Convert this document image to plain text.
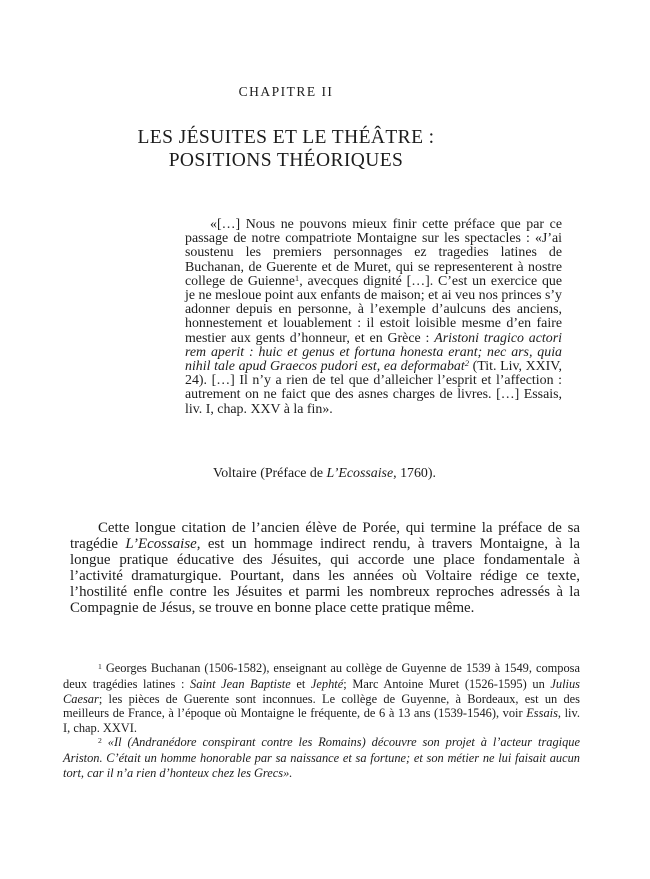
CHAPITRE II
LES JÉSUITES ET LE THÉÂTRE :
POSITIONS THÉORIQUES
«[…] Nous ne pouvons mieux finir cette préface que par ce passage de notre compatriote Montaigne sur les spectacles : «J’ai soustenu les premiers personnages ez tragedies latines de Buchanan, de Guerente et de Muret, qui se representerent à nostre college de Guienne$^1$, avecques dignité […]. C’est un exercice que je ne mesloue point aux enfants de maison; et ai veu nos princes s’y adonner depuis en personne, à l’exemple d’aulcuns des anciens, honnestement et louablement : il estoit loisible mesme d’en faire mestier aux gents d’honneur, et en Grèce : Aristoni tragico actori rem aperit : huic et genus et fortuna honesta erant; nec ars, quia nihil tale apud Graecos pudori est, ea deformabat$^2$ (Tit. Liv, XXIV, 24). […] Il n’y a rien de tel que d’alleicher l’esprit et l’affection : autrement on ne faict que des asnes charges de livres. […] Essais, liv. I, chap. XXV à la fin».
Voltaire (Préface de L’Ecossaise, 1760).

Cette longue citation de l’ancien élève de Porée, qui termine la préface de sa tragédie L’Ecossaise, est un hommage indirect rendu, à travers Montaigne, à la longue pratique éducative des Jésuites, qui accorde une place fondamentale à l’activité dramaturgique. Pourtant, dans les années où Voltaire rédige ce texte, l’hostilité enfle contre les Jésuites et parmi les nombreux reproches adressés à la Compagnie de Jésus, se trouve en bonne place cette pratique même.

$^1$ Georges Buchanan (1506-1582), enseignant au collège de Guyenne de 1539 à 1549, composa deux tragédies latines : Saint Jean Baptiste et Jephté; Marc Antoine Muret (1526-1595) un Julius Caesar; les pièces de Guerente sont inconnues. Le collège de Guyenne, à Bordeaux, est un des meilleurs de France, à l’époque où Montaigne le fréquente, de 6 à 13 ans (1539-1546), voir Essais, liv. I, chap. XXVI.

$^2$ «Il (Andranédore conspirant contre les Romains) découvre son projet à l’acteur tragique Ariston. C’était un homme honorable par sa naissance et sa fortune; et son métier ne lui faisait aucun tort, car il n’a rien d’honteux chez les Grecs».
